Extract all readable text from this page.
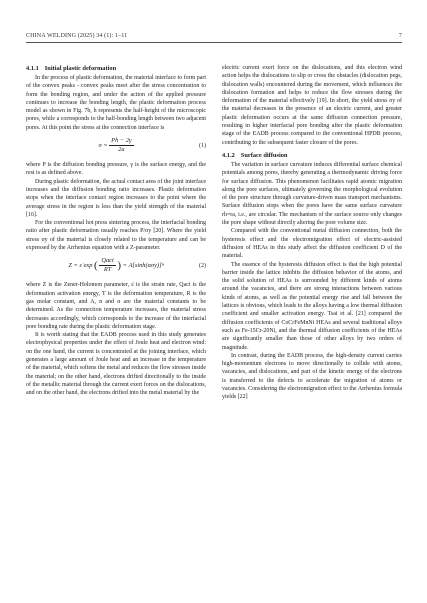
CHINA WELDING (2025) 34 (1): 1–11	7
4.1.1 Initial plastic deformation

In the process of plastic deformation, the material interface to form part of the convex peaks - convex peaks meet after the stress concentration to form the bonding region, and under the action of the applied pressure continues to increase the bonding length, the plastic deformation process model as shown in Fig. 7b, h represents the half-height of the microscopic pores, while a corresponds to the half-bonding length between two adjacent pores. At this point the stress at the connection interface is

$\sigma = \frac{Ph - 2\gamma}{2a}$	(1)

where P is the diffusion bonding pressure, γ is the surface energy, and the rest is as defined above.

During plastic deformation, the actual contact area of the joint interface increases and the diffusion bonding ratio increases. Plastic deformation stops when the interface contact region increases to the point where the average stress in the region is less than the yield strength of the material [16].

For the conventional hot press sintering process, the interfacial bonding ratio after plastic deformation usually reaches P/σy [20]. Where the yield stress σy of the material is closely related to the temperature and can be expressed by the Arrhenius equation with a Z-parameter.

Z = ε̇ exp ( $\frac{\text{Qact}}{RT}$ ) = A[sinh(ασy)]ⁿ	(2)

where Z is the Zener-Holomon parameter, ε̇ is the strain rate, Qact is the deformation activation energy, T is the deformation temperature, R is the gas molar constant, and A, n and α are the material constants to be determined. As the connection temperature increases, the material stress decreases accordingly, which corresponds to the increase of the interfacial pore bonding rate during the plastic deformation stage.

It is worth stating that the EADB process used in this study generates electrophysical properties under the effect of Joule heat and electron wind: on the one hand, the current is concentrated at the joining interface, which generates a large amount of Joule heat and an increase in the temperature of the material, which softens the metal and reduces the flow stresses inside the material; on the other hand, electrons drifted directionally to the inside of the metallic material through the current exert forces on the dislocations, and on the other hand, the electrons drifted into the metal material by the

electric current exert force on the dislocations, and this electron wind action helps the dislocations to slip or cross the obstacles (dislocation pegs, dislocation walls) encountered during the movement, which influences the dislocation formation and helps to reduce the flow stresses during the deformation of the material effectively [19]. In short, the yield stress σy of the material decreases in the presence of an electric current, and greater plastic deformation occurs at the same diffusion connection pressure, resulting in higher interfacial pore bonding after the plastic deformation stage of the EADB process compared to the conventional HPDB process, contributing to the subsequent faster closure of the pores.

4.1.2 Surface diffusion

The variation in surface curvature induces differential surface chemical potentials among pores, thereby generating a thermodynamic driving force for surface diffusion. This phenomenon facilitates rapid atomic migration along the pore surfaces, ultimately governing the morphological evolution of the pore structure through curvature-driven mass transport mechanisms. Surface diffusion stops when the pores have the same surface curvature rh=ra, i.e., are circular. The mechanism of the surface source only changes the pore shape without directly altering the pore volume size.

Compared with the conventional metal diffusion connection, both the hysteresis effect and the electromigration effect of electric-assisted diffusion of HEAs in this study affect the diffusion coefficient D of the material.

The essence of the hysteresis diffusion effect is that the high potential barrier inside the lattice inhibits the diffusion behavior of the atoms, and the solid solution of HEAs is surrounded by different kinds of atoms around the vacancies, and there are strong interactions between various kinds of atoms, as well as the potential energy rise and fall between the lattices is obvious, which leads to the alloys having a low thermal diffusion coefficient and smaller activation energy. Tsai et al. [21] compared the diffusion coefficients of CoCrFeMnNi HEAs and several traditional alloys such as Fe-15Cr-20Ni, and the thermal diffusion coefficients of the HEAs are significantly smaller than those of other alloys by two orders of magnitude.

In contrast, during the EADB process, the high-density current carries high-momentum electrons to move directionally to collide with atoms, vacancies, and dislocations, and part of the kinetic energy of the electrons is transferred to the defects to accelerate the migration of atoms or vacancies. Considering the electromigration effect to the Arrhenius formula yields [22]
